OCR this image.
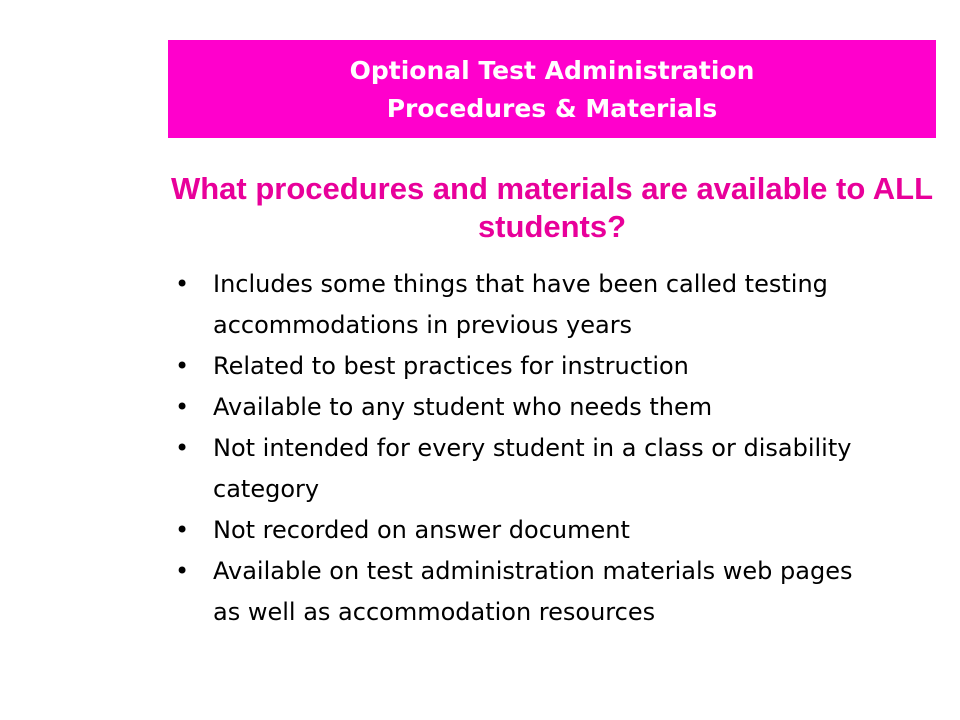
Optional Test Administration
Procedures & Materials
What procedures and materials are available to ALL students?
• Includes some things that have been called testing accommodations in previous years
• Related to best practices for instruction
• Available to any student who needs them
• Not intended for every student in a class or disability category
• Not recorded on answer document
• Available on test administration materials web pages as well as accommodation resources
